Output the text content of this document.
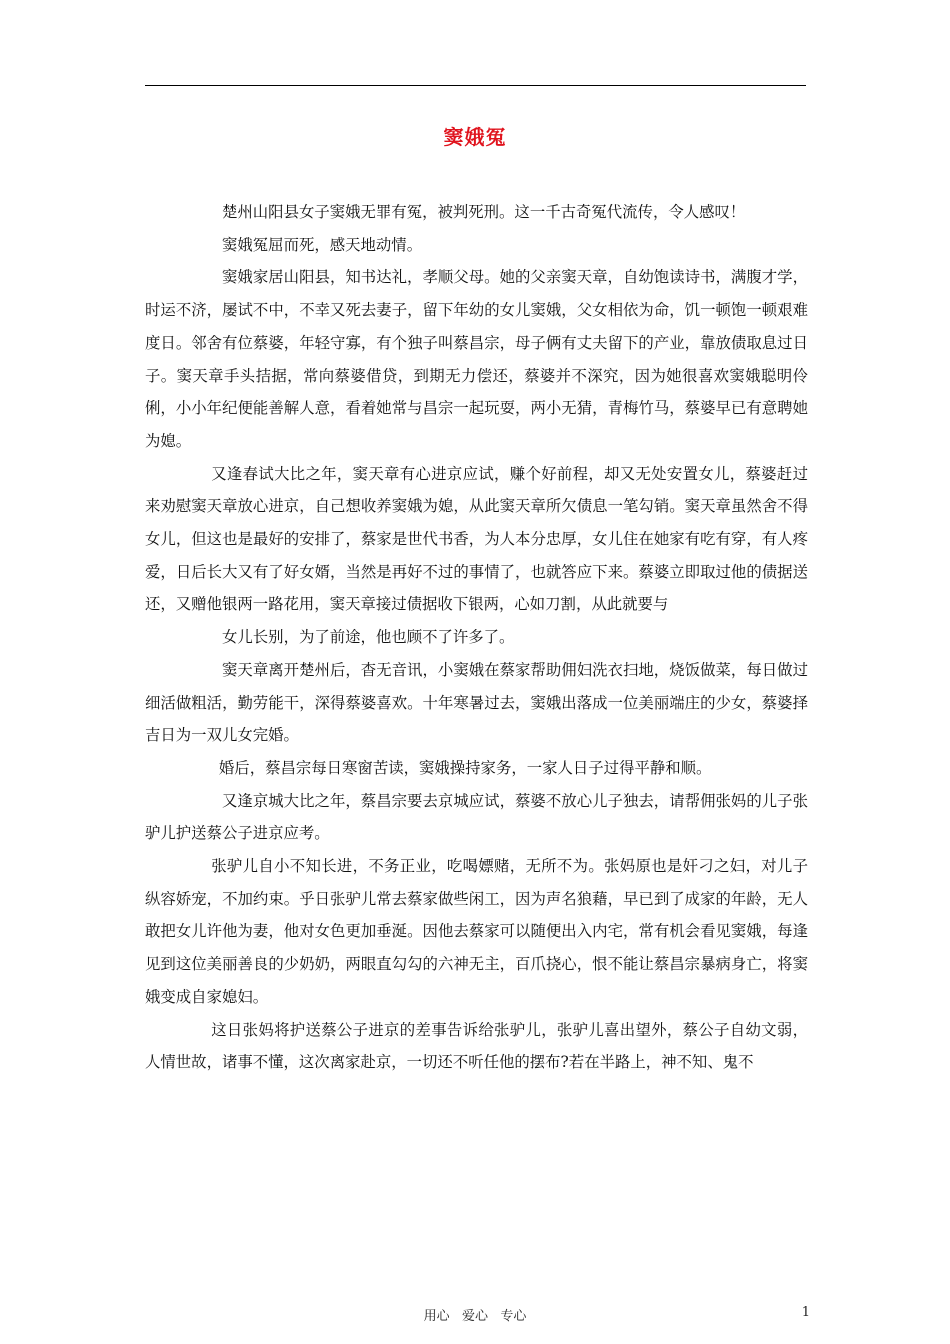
窦娥冤

楚州山阳县女子窦娥无罪有冤，被判死刑。这一千古奇冤代流传，令人感叹！

窦娥冤屈而死，感天地动情。

窦娥家居山阳县，知书达礼，孝顺父母。她的父亲窦天章，自幼饱读诗书，满腹才学，时运不济，屡试不中，不幸又死去妻子，留下年幼的女儿窦娥，父女相依为命，饥一顿饱一顿艰难度日。邻舍有位蔡婆，年轻守寡，有个独子叫蔡昌宗，母子俩有丈夫留下的产业，靠放债取息过日子。窦天章手头拮据，常向蔡婆借贷，到期无力偿还，蔡婆并不深究，因为她很喜欢窦娥聪明伶俐，小小年纪便能善解人意，看着她常与昌宗一起玩耍，两小无猜，青梅竹马，蔡婆早已有意聘她为媳。

又逢春试大比之年，窦天章有心进京应试，赚个好前程，却又无处安置女儿，蔡婆赶过来劝慰窦天章放心进京，自己想收养窦娥为媳，从此窦天章所欠债息一笔勾销。窦天章虽然舍不得女儿，但这也是最好的安排了，蔡家是世代书香，为人本分忠厚，女儿住在她家有吃有穿，有人疼爱，日后长大又有了好女婿，当然是再好不过的事情了，也就答应下来。蔡婆立即取过他的债据送还，又赠他银两一路花用，窦天章接过债据收下银两，心如刀割，从此就要与

女儿长别，为了前途，他也顾不了许多了。

窦天章离开楚州后，杳无音讯，小窦娥在蔡家帮助佣妇洗衣扫地，烧饭做菜，每日做过细活做粗活，勤劳能干，深得蔡婆喜欢。十年寒暑过去，窦娥出落成一位美丽端庄的少女，蔡婆择吉日为一双儿女完婚。

婚后，蔡昌宗每日寒窗苦读，窦娥操持家务，一家人日子过得平静和顺。

又逢京城大比之年，蔡昌宗要去京城应试，蔡婆不放心儿子独去，请帮佣张妈的儿子张驴儿护送蔡公子进京应考。

张驴儿自小不知长进，不务正业，吃喝嫖赌，无所不为。张妈原也是奸刁之妇，对儿子纵容娇宠，不加约束。乎日张驴儿常去蔡家做些闲工，因为声名狼藉，早已到了成家的年龄，无人敢把女儿许他为妻，他对女色更加垂涎。因他去蔡家可以随便出入内宅，常有机会看见窦娥，每逢见到这位美丽善良的少奶奶，两眼直勾勾的六神无主，百爪挠心，恨不能让蔡昌宗暴病身亡，将窦娥变成自家媳妇。

这日张妈将护送蔡公子进京的差事告诉给张驴儿，张驴儿喜出望外，蔡公子自幼文弱，人情世故，诸事不懂，这次离家赴京，一切还不听任他的摆布?若在半路上，神不知、鬼不

用心   爱心   专心	1
